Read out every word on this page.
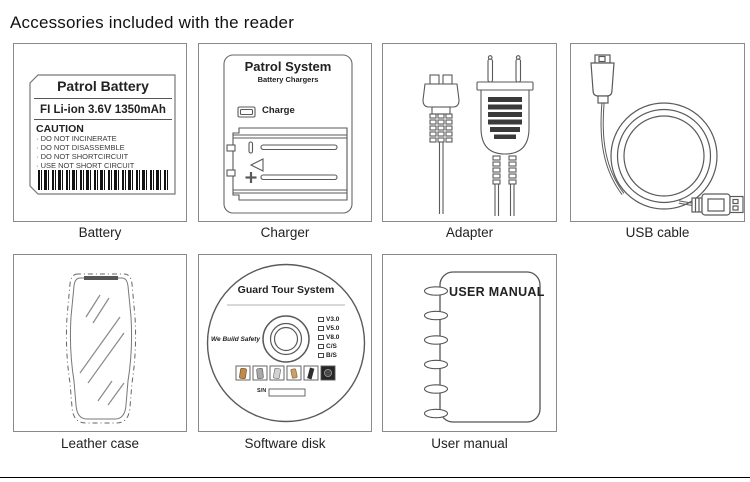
Accessories included with the reader
Patrol Battery
FI Li-ion 3.6V 1350mAh
CAUTION
· DO NOT INCINERATE
· DO NOT DISASSEMBLE
· DO NOT SHORTCIRCUIT
· USE NOT SHORT CIRCUIT
Patrol System
Battery Chargers
Charge
Guard Tour System
We Build Safety
V3.0
V5.0
V8.0
C/S
B/S
S/N
USER MANUAL
Battery	Charger	Adapter	USB cable
Leather case	Software disk	User manual
